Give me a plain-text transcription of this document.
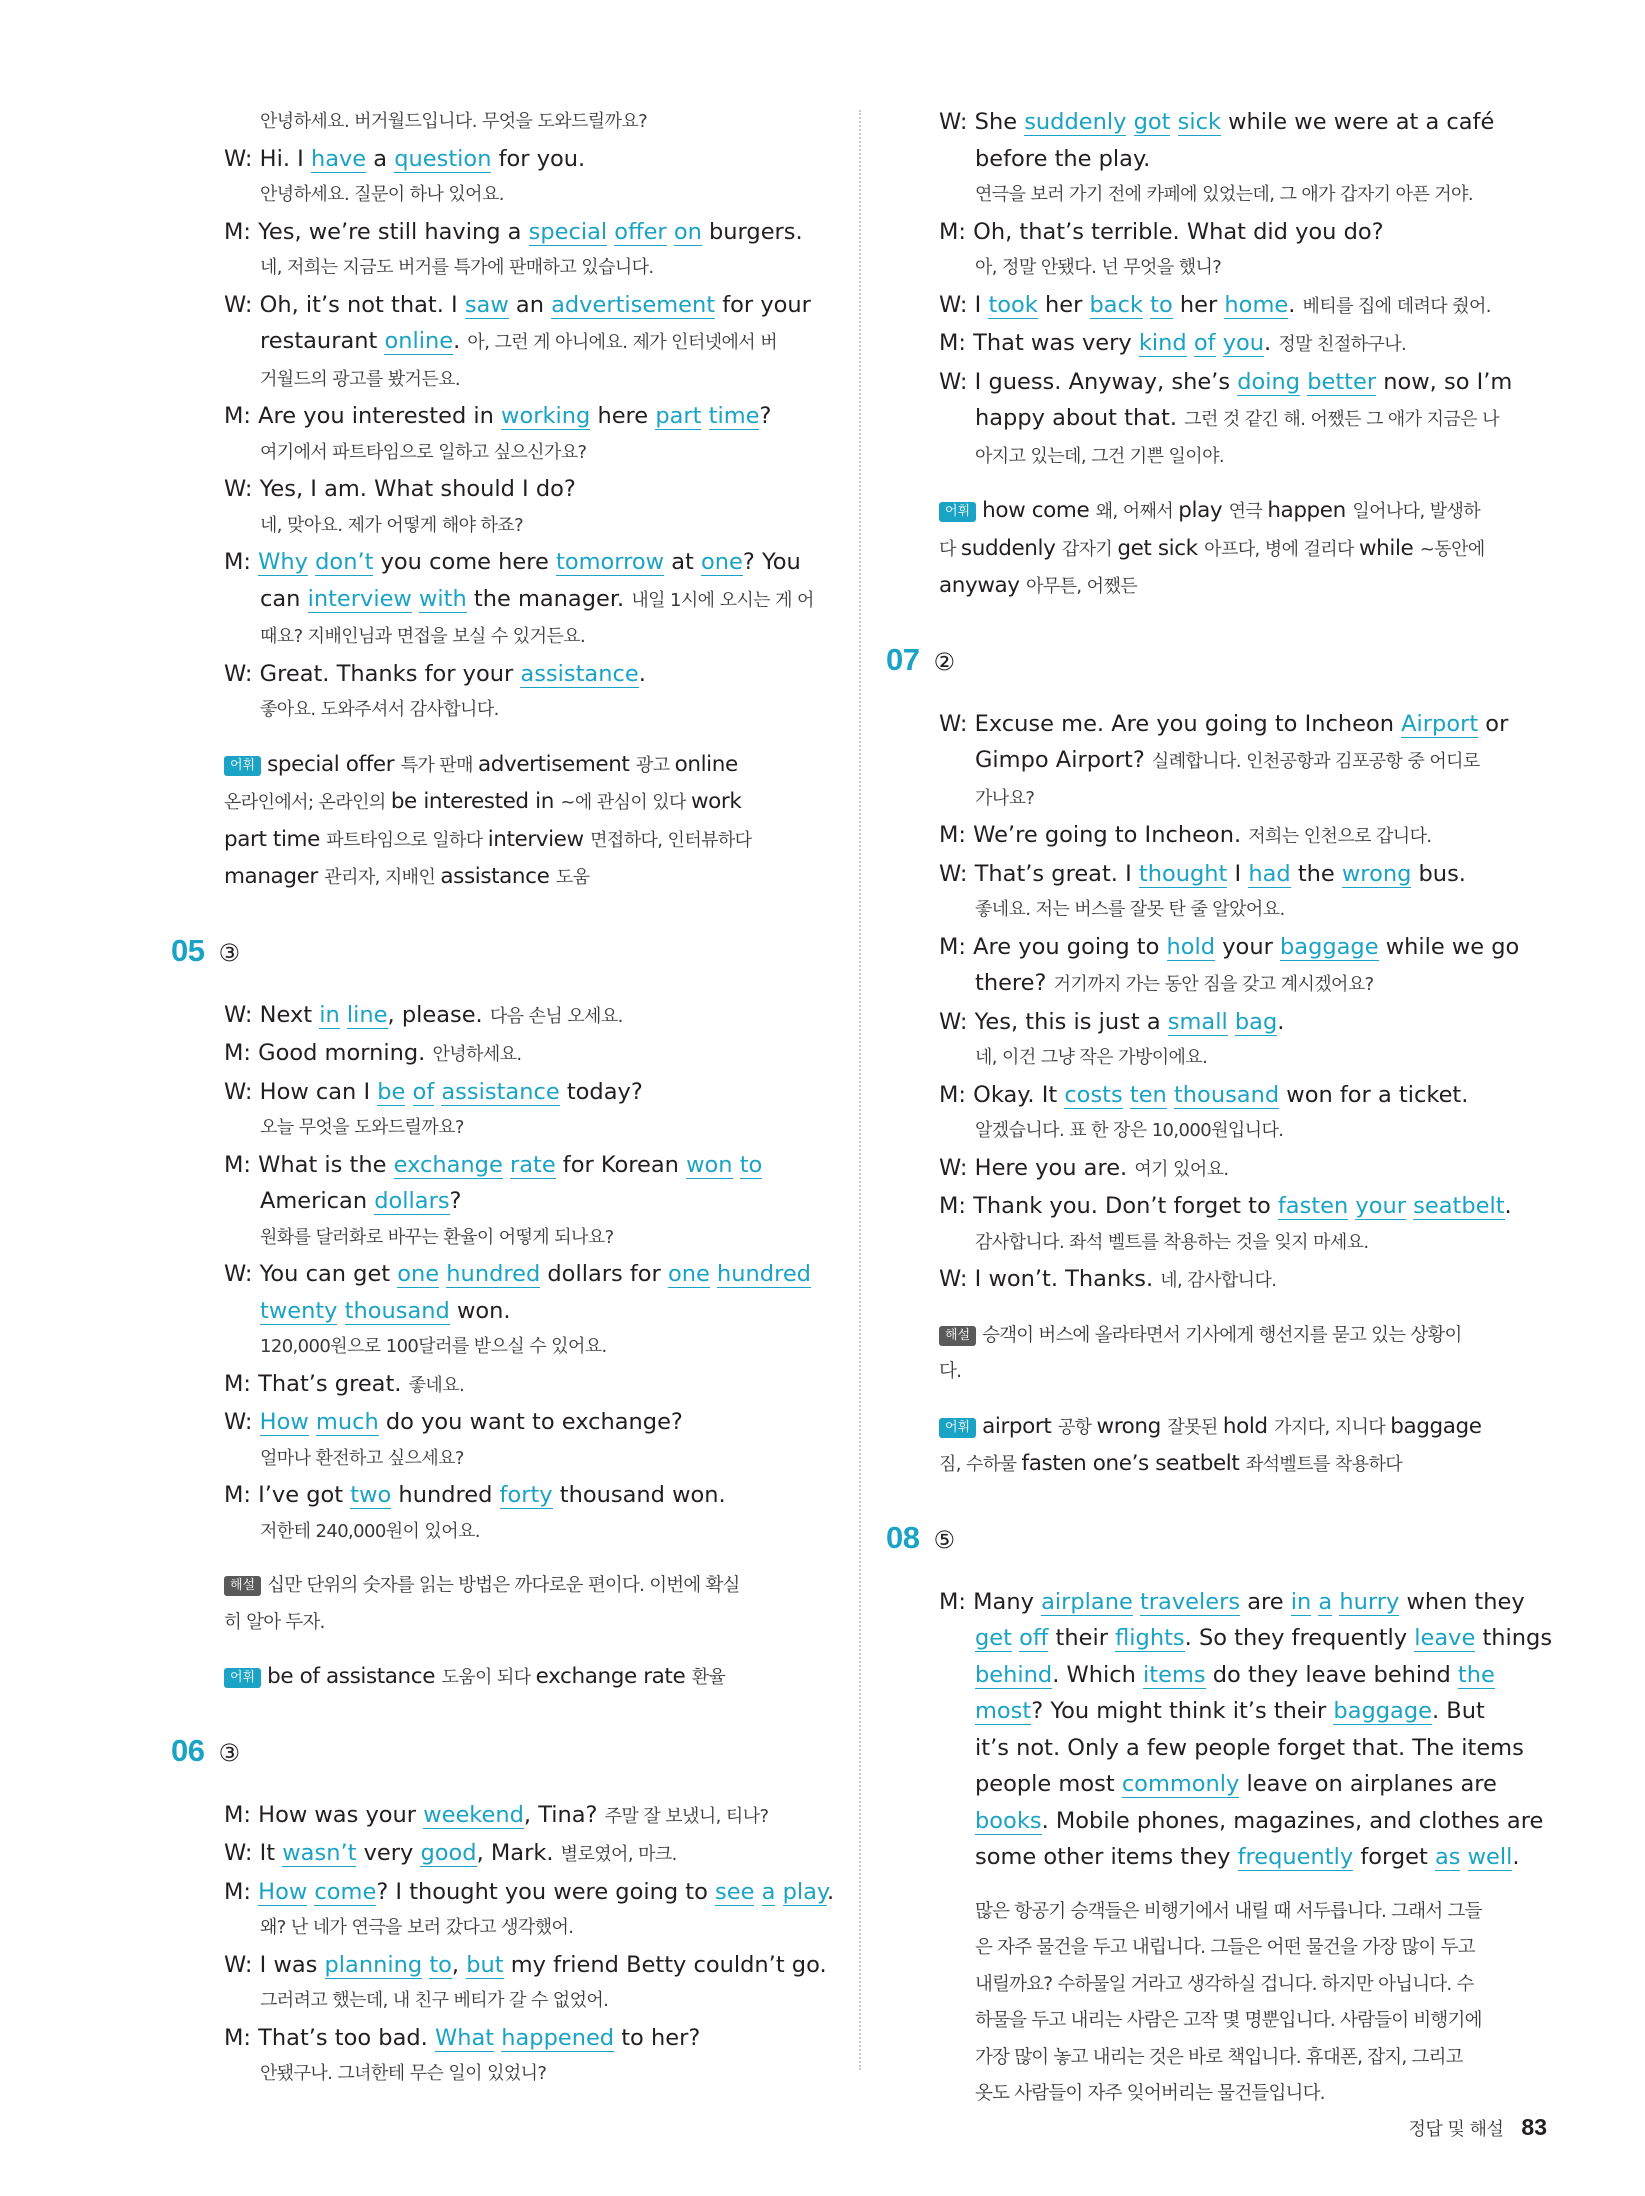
안녕하세요. 버거월드입니다. 무엇을 도와드릴까요?
W: Hi. I have a question for you.
안녕하세요. 질문이 하나 있어요.
M: Yes, we’re still having a special offer on burgers.
네, 저희는 지금도 버거를 특가에 판매하고 있습니다.
W: Oh, it’s not that. I saw an advertisement for your
restaurant online. 아, 그런 게 아니에요. 제가 인터넷에서 버
거월드의 광고를 봤거든요.
M: Are you interested in working here part time?
여기에서 파트타임으로 일하고 싶으신가요?
W: Yes, I am. What should I do?
네, 맞아요. 제가 어떻게 해야 하죠?
M: Why don’t you come here tomorrow at one? You
can interview with the manager. 내일 1시에 오시는 게 어
때요? 지배인님과 면접을 보실 수 있거든요.
W: Great. Thanks for your assistance.
좋아요. 도와주셔서 감사합니다.
어휘 special offer 특가 판매 advertisement 광고 online
온라인에서; 온라인의 be interested in ~에 관심이 있다 work
part time 파트타임으로 일하다 interview 면접하다, 인터뷰하다
manager 관리자, 지배인 assistance 도움
05 ③
W: Next in line, please. 다음 손님 오세요.
M: Good morning. 안녕하세요.
W: How can I be of assistance today?
오늘 무엇을 도와드릴까요?
M: What is the exchange rate for Korean won to
American dollars?
원화를 달러화로 바꾸는 환율이 어떻게 되나요?
W: You can get one hundred dollars for one hundred
twenty thousand won.
120,000원으로 100달러를 받으실 수 있어요.
M: That’s great. 좋네요.
W: How much do you want to exchange?
얼마나 환전하고 싶으세요?
M: I’ve got two hundred forty thousand won.
저한테 240,000원이 있어요.
해설 십만 단위의 숫자를 읽는 방법은 까다로운 편이다. 이번에 확실
히 알아 두자.
어휘 be of assistance 도움이 되다 exchange rate 환율
06 ③
M: How was your weekend, Tina? 주말 잘 보냈니, 티나?
W: It wasn’t very good, Mark. 별로였어, 마크.
M: How come? I thought you were going to see a play.
왜? 난 네가 연극을 보러 갔다고 생각했어.
W: I was planning to, but my friend Betty couldn’t go.
그러려고 했는데, 내 친구 베티가 갈 수 없었어.
M: That’s too bad. What happened to her?
안됐구나. 그녀한테 무슨 일이 있었니?
W: She suddenly got sick while we were at a café
before the play.
연극을 보러 가기 전에 카페에 있었는데, 그 애가 갑자기 아픈 거야.
M: Oh, that’s terrible. What did you do?
아, 정말 안됐다. 넌 무엇을 했니?
W: I took her back to her home. 베티를 집에 데려다 줬어.
M: That was very kind of you. 정말 친절하구나.
W: I guess. Anyway, she’s doing better now, so I’m
happy about that. 그런 것 같긴 해. 어쨌든 그 애가 지금은 나
아지고 있는데, 그건 기쁜 일이야.
어휘 how come 왜, 어째서 play 연극 happen 일어나다, 발생하
다 suddenly 갑자기 get sick 아프다, 병에 걸리다 while ~동안에
anyway 아무튼, 어쨌든
07 ②
W: Excuse me. Are you going to Incheon Airport or
Gimpo Airport? 실례합니다. 인천공항과 김포공항 중 어디로
가나요?
M: We’re going to Incheon. 저희는 인천으로 갑니다.
W: That’s great. I thought I had the wrong bus.
좋네요. 저는 버스를 잘못 탄 줄 알았어요.
M: Are you going to hold your baggage while we go
there? 거기까지 가는 동안 짐을 갖고 계시겠어요?
W: Yes, this is just a small bag.
네, 이건 그냥 작은 가방이에요.
M: Okay. It costs ten thousand won for a ticket.
알겠습니다. 표 한 장은 10,000원입니다.
W: Here you are. 여기 있어요.
M: Thank you. Don’t forget to fasten your seatbelt.
감사합니다. 좌석 벨트를 착용하는 것을 잊지 마세요.
W: I won’t. Thanks. 네, 감사합니다.
해설 승객이 버스에 올라타면서 기사에게 행선지를 묻고 있는 상황이
다.
어휘 airport 공항 wrong 잘못된 hold 가지다, 지니다 baggage
짐, 수하물 fasten one’s seatbelt 좌석벨트를 착용하다
08 ⑤
M: Many airplane travelers are in a hurry when they
get off their flights. So they frequently leave things
behind. Which items do they leave behind the
most? You might think it’s their baggage. But
it’s not. Only a few people forget that. The items
people most commonly leave on airplanes are
books. Mobile phones, magazines, and clothes are
some other items they frequently forget as well.
많은 항공기 승객들은 비행기에서 내릴 때 서두릅니다. 그래서 그들
은 자주 물건을 두고 내립니다. 그들은 어떤 물건을 가장 많이 두고
내릴까요? 수하물일 거라고 생각하실 겁니다. 하지만 아닙니다. 수
하물을 두고 내리는 사람은 고작 몇 명뿐입니다. 사람들이 비행기에
가장 많이 놓고 내리는 것은 바로 책입니다. 휴대폰, 잡지, 그리고
옷도 사람들이 자주 잊어버리는 물건들입니다.
정답 및 해설 83
